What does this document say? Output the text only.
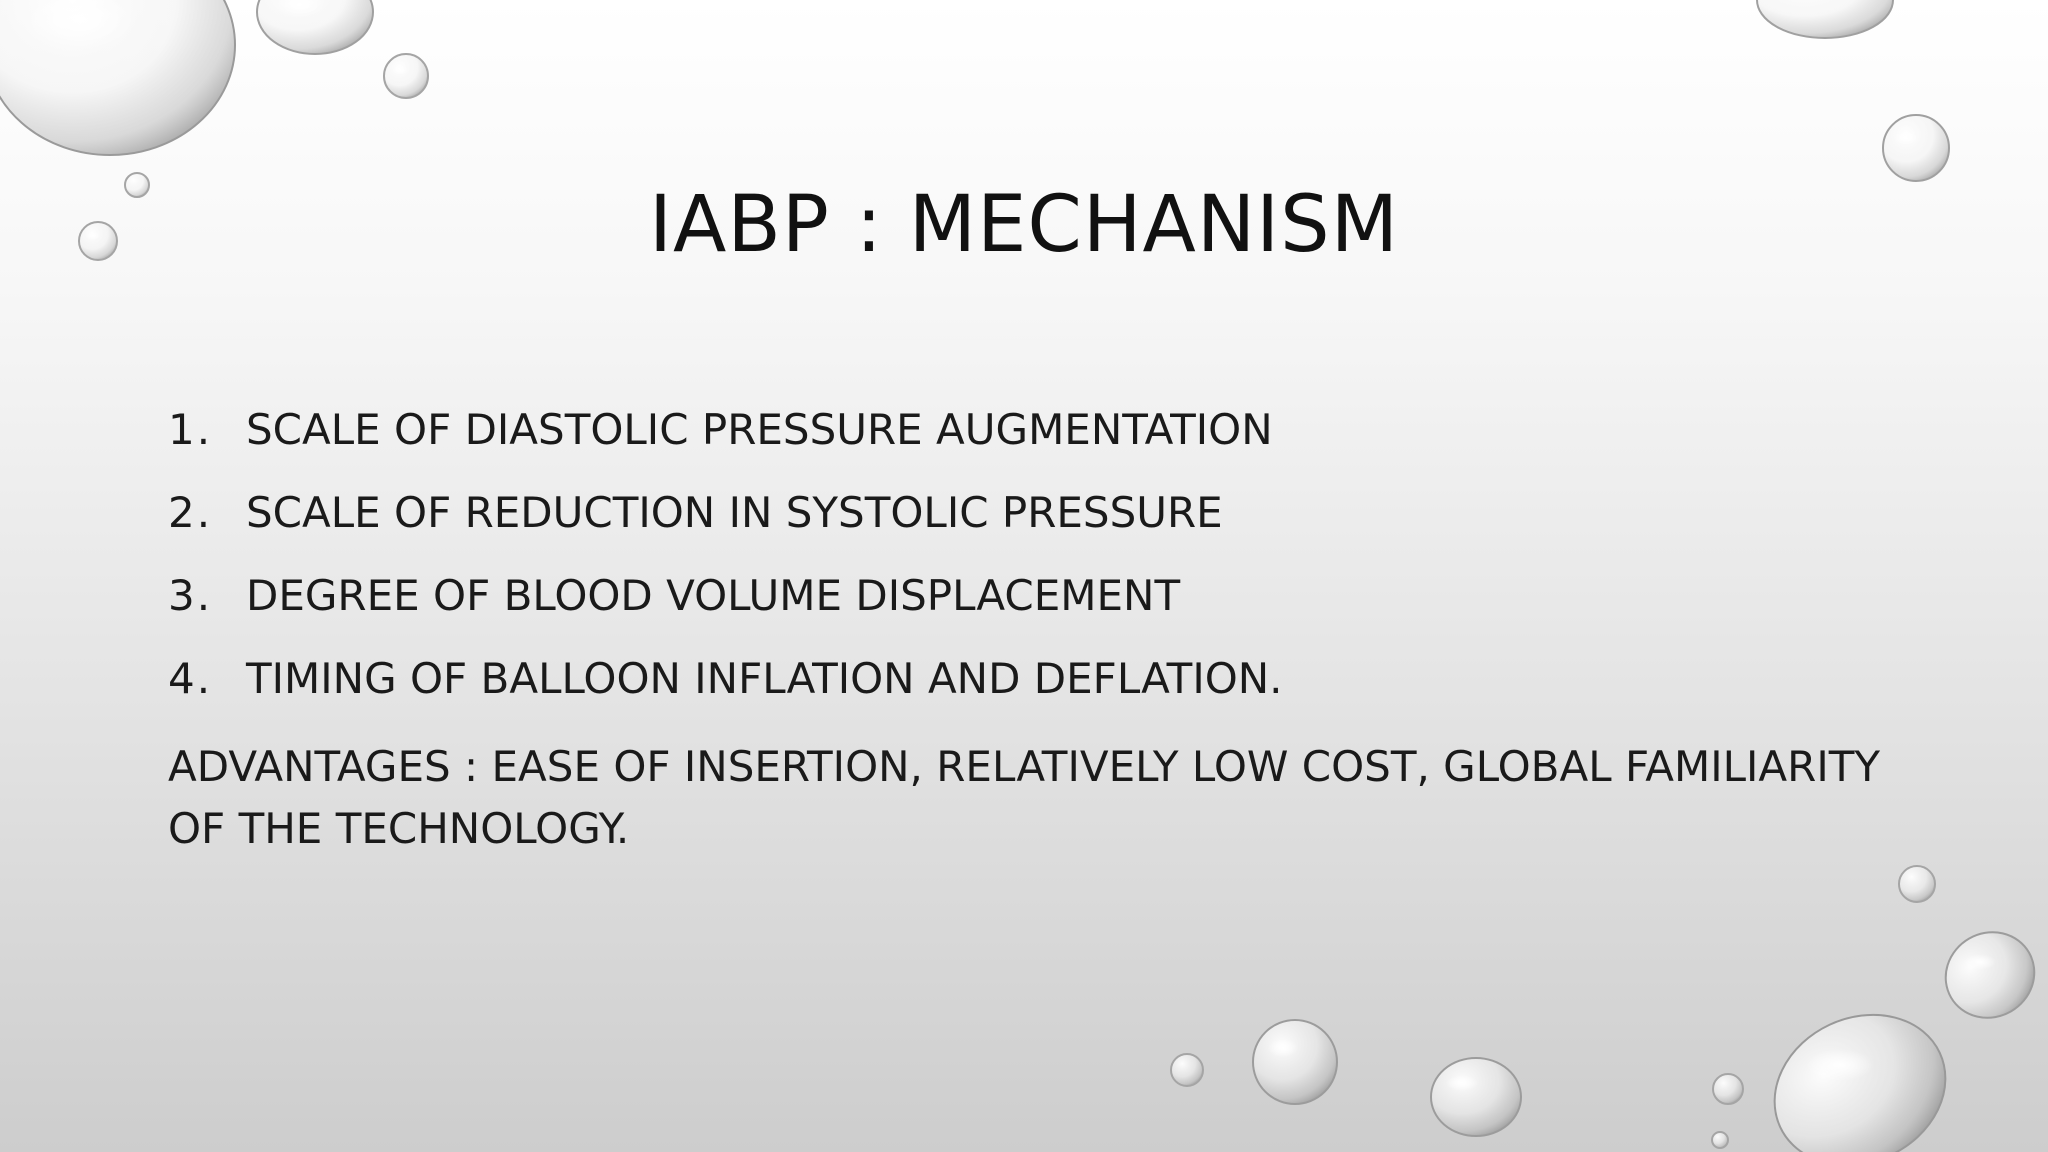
IABP : MECHANISM
1. SCALE OF DIASTOLIC PRESSURE AUGMENTATION
2. SCALE OF REDUCTION IN SYSTOLIC PRESSURE
3. DEGREE OF BLOOD VOLUME DISPLACEMENT
4. TIMING OF BALLOON INFLATION AND DEFLATION.

ADVANTAGES : EASE OF INSERTION, RELATIVELY LOW COST, GLOBAL FAMILIARITY OF THE TECHNOLOGY.
